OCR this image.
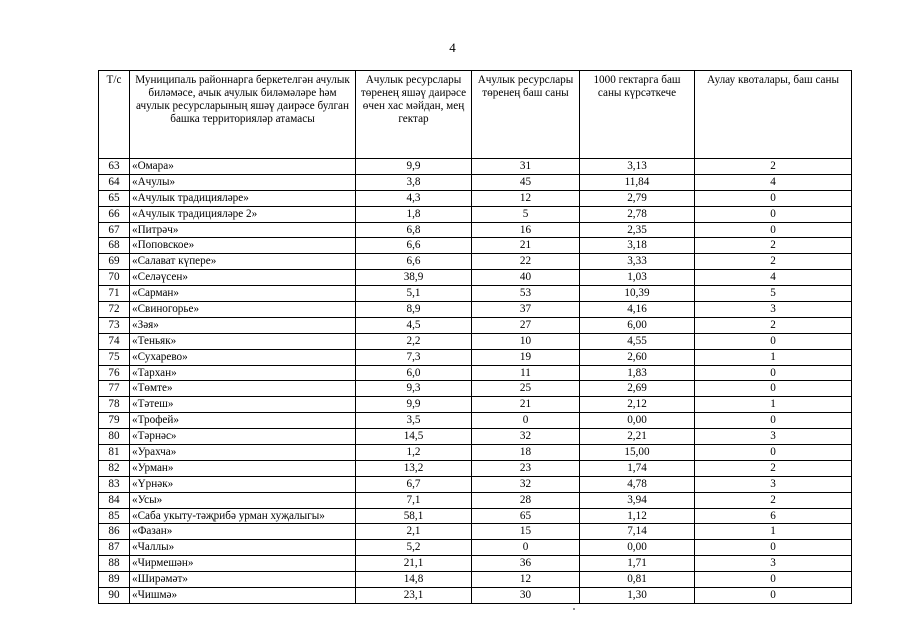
4
Т/с	Муниципаль районнарга беркетелгән ачулык биләмәсе, ачык ачулык биләмәләре һәм ачулык ресурсларының яшәү даирәсе булган башка территорияләр атамасы	Ачулык ресурслары төренең яшәү даирәсе өчен хас мәйдан, мең гектар	Ачулык ресурслары төренең баш саны	1000 гектарга баш саны күрсәткече	Аулау квоталары, баш саны
63	«Омара»	9,9	31	3,13	2
64	«Ачулы»	3,8	45	11,84	4
65	«Ачулык традицияләре»	4,3	12	2,79	0
66	«Ачулык традицияләре 2»	1,8	5	2,78	0
67	«Питрәч»	6,8	16	2,35	0
68	«Поповское»	6,6	21	3,18	2
69	«Салават күпере»	6,6	22	3,33	2
70	«Селәүсен»	38,9	40	1,03	4
71	«Сарман»	5,1	53	10,39	5
72	«Свиногорье»	8,9	37	4,16	3
73	«Зәя»	4,5	27	6,00	2
74	«Теньяк»	2,2	10	4,55	0
75	«Сухарево»	7,3	19	2,60	1
76	«Тархан»	6,0	11	1,83	0
77	«Төмте»	9,3	25	2,69	0
78	«Тәтеш»	9,9	21	2,12	1
79	«Трофей»	3,5	0	0,00	0
80	«Тәрнәс»	14,5	32	2,21	3
81	«Урахча»	1,2	18	15,00	0
82	«Урман»	13,2	23	1,74	2
83	«Үрнәк»	6,7	32	4,78	3
84	«Усы»	7,1	28	3,94	2
85	«Саба укыту-тәҗрибә урман хуҗалыгы»	58,1	65	1,12	6
86	«Фазан»	2,1	15	7,14	1
87	«Чаллы»	5,2	0	0,00	0
88	«Чирмешән»	21,1	36	1,71	3
89	«Ширәмәт»	14,8	12	0,81	0
90	«Чишмә»	23,1	30	1,30	0
